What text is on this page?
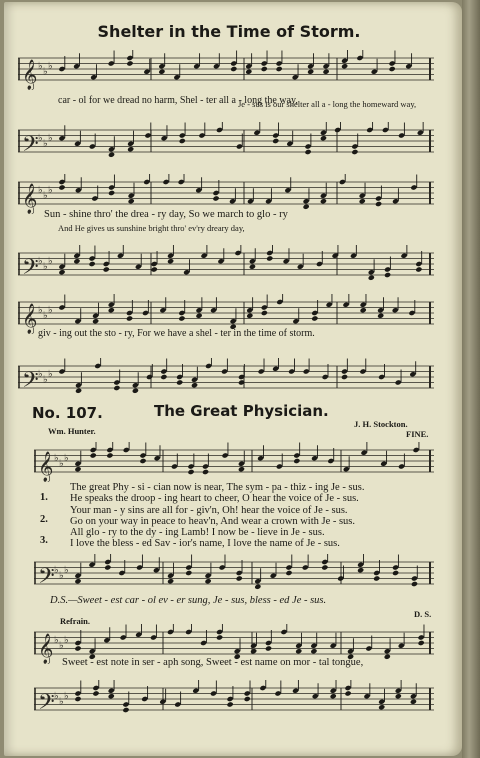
Shelter in the Time of Storm.
𝄞 ♭ ♭ ♭
car - ol for we dread no harm, Shel - ter all a - long the way,
Je - sus is our shelter all a - long the homeward way,
𝄢 ♭ ♭ ♭
𝄞 ♭ ♭ ♭
Sun - shine thro' the drea - ry day, So we march to glo - ry
And He gives us sunshine bright thro' ev'ry dreary day,
𝄢 ♭ ♭ ♭
𝄞 ♭ ♭ ♭
giv - ing out the sto - ry, For we have a shel - ter in the time of storm.
𝄢 ♭ ♭ ♭
No. 107.	The Great Physician.
Wm. Hunter.
J. H. Stockton.
FINE.
𝄞 ♭ ♭ ♭
1.
2.
3.
The great Phy - si - cian now is near, The sym - pa - thiz - ing Je - sus.
He speaks the droop - ing heart to cheer, O hear the voice of Je - sus.
Your man - y sins are all for - giv'n, Oh! hear the voice of Je - sus.
Go on your way in peace to heav'n, And wear a crown with Je - sus.
All glo - ry to the dy - ing Lamb! I now be - lieve in Je - sus.
I love the bless - ed Sav - ior's name, I love the name of Je - sus.
𝄢 ♭ ♭ ♭
D.S.—Sweet - est car - ol ev - er sung, Je - sus, bless - ed Je - sus.
Refrain.
D. S.
𝄞 ♭ ♭ ♭
Sweet - est note in ser - aph song, Sweet - est name on mor - tal tongue,
𝄢 ♭ ♭ ♭
